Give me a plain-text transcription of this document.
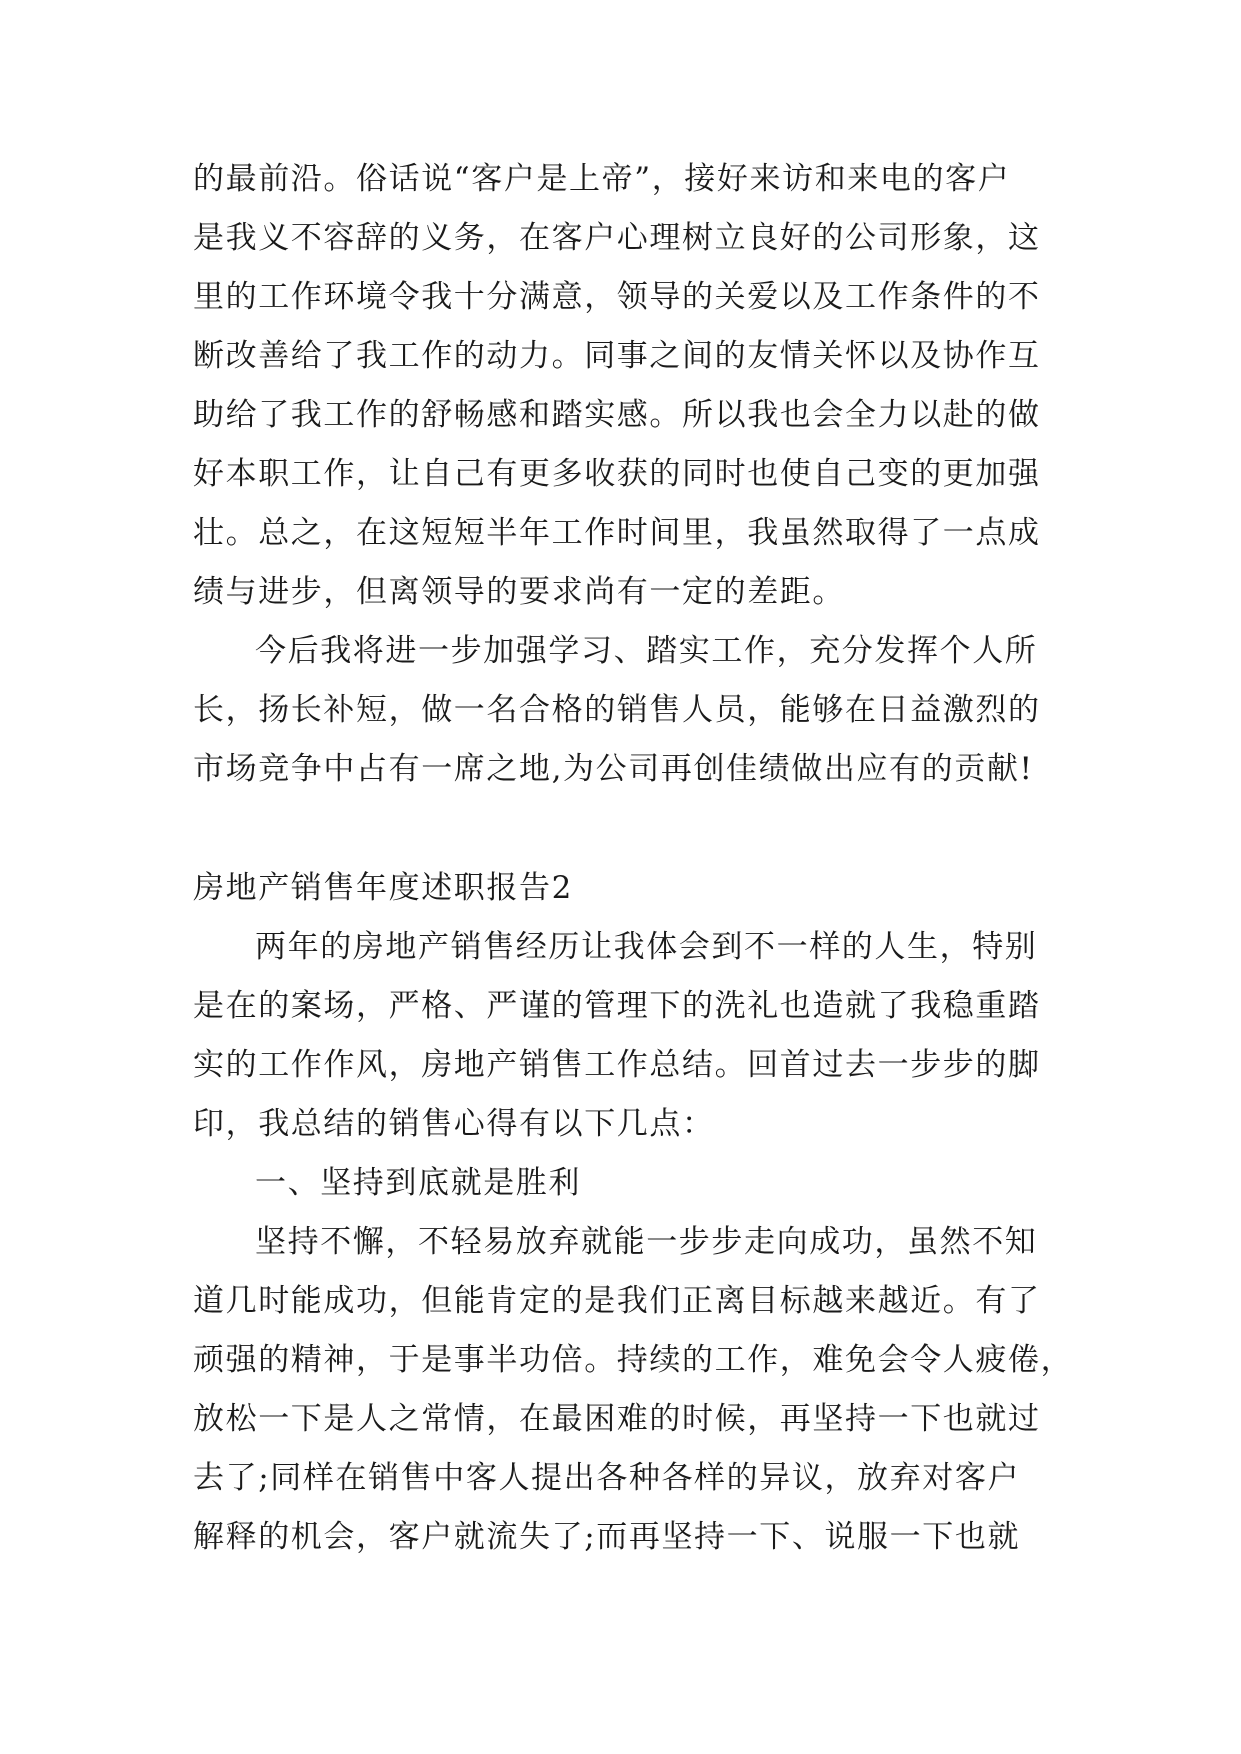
的最前沿。俗话说“客户是上帝”，接好来访和来电的客户
是我义不容辞的义务，在客户心理树立良好的公司形象，这
里的工作环境令我十分满意，领导的关爱以及工作条件的不
断改善给了我工作的动力。同事之间的友情关怀以及协作互
助给了我工作的舒畅感和踏实感。所以我也会全力以赴的做
好本职工作，让自己有更多收获的同时也使自己变的更加强
壮。总之，在这短短半年工作时间里，我虽然取得了一点成
绩与进步，但离领导的要求尚有一定的差距。
今后我将进一步加强学习、踏实工作，充分发挥个人所
长，扬长补短，做一名合格的销售人员，能够在日益激烈的
市场竞争中占有一席之地,为公司再创佳绩做出应有的贡献!
房地产销售年度述职报告2
两年的房地产销售经历让我体会到不一样的人生，特别
是在的案场，严格、严谨的管理下的洗礼也造就了我稳重踏
实的工作作风，房地产销售工作总结。回首过去一步步的脚
印，我总结的销售心得有以下几点：
一、坚持到底就是胜利
坚持不懈，不轻易放弃就能一步步走向成功，虽然不知
道几时能成功，但能肯定的是我们正离目标越来越近。有了
顽强的精神，于是事半功倍。持续的工作，难免会令人疲倦，
放松一下是人之常情，在最困难的时候，再坚持一下也就过
去了;同样在销售中客人提出各种各样的异议，放弃对客户
解释的机会，客户就流失了;而再坚持一下、说服一下也就
